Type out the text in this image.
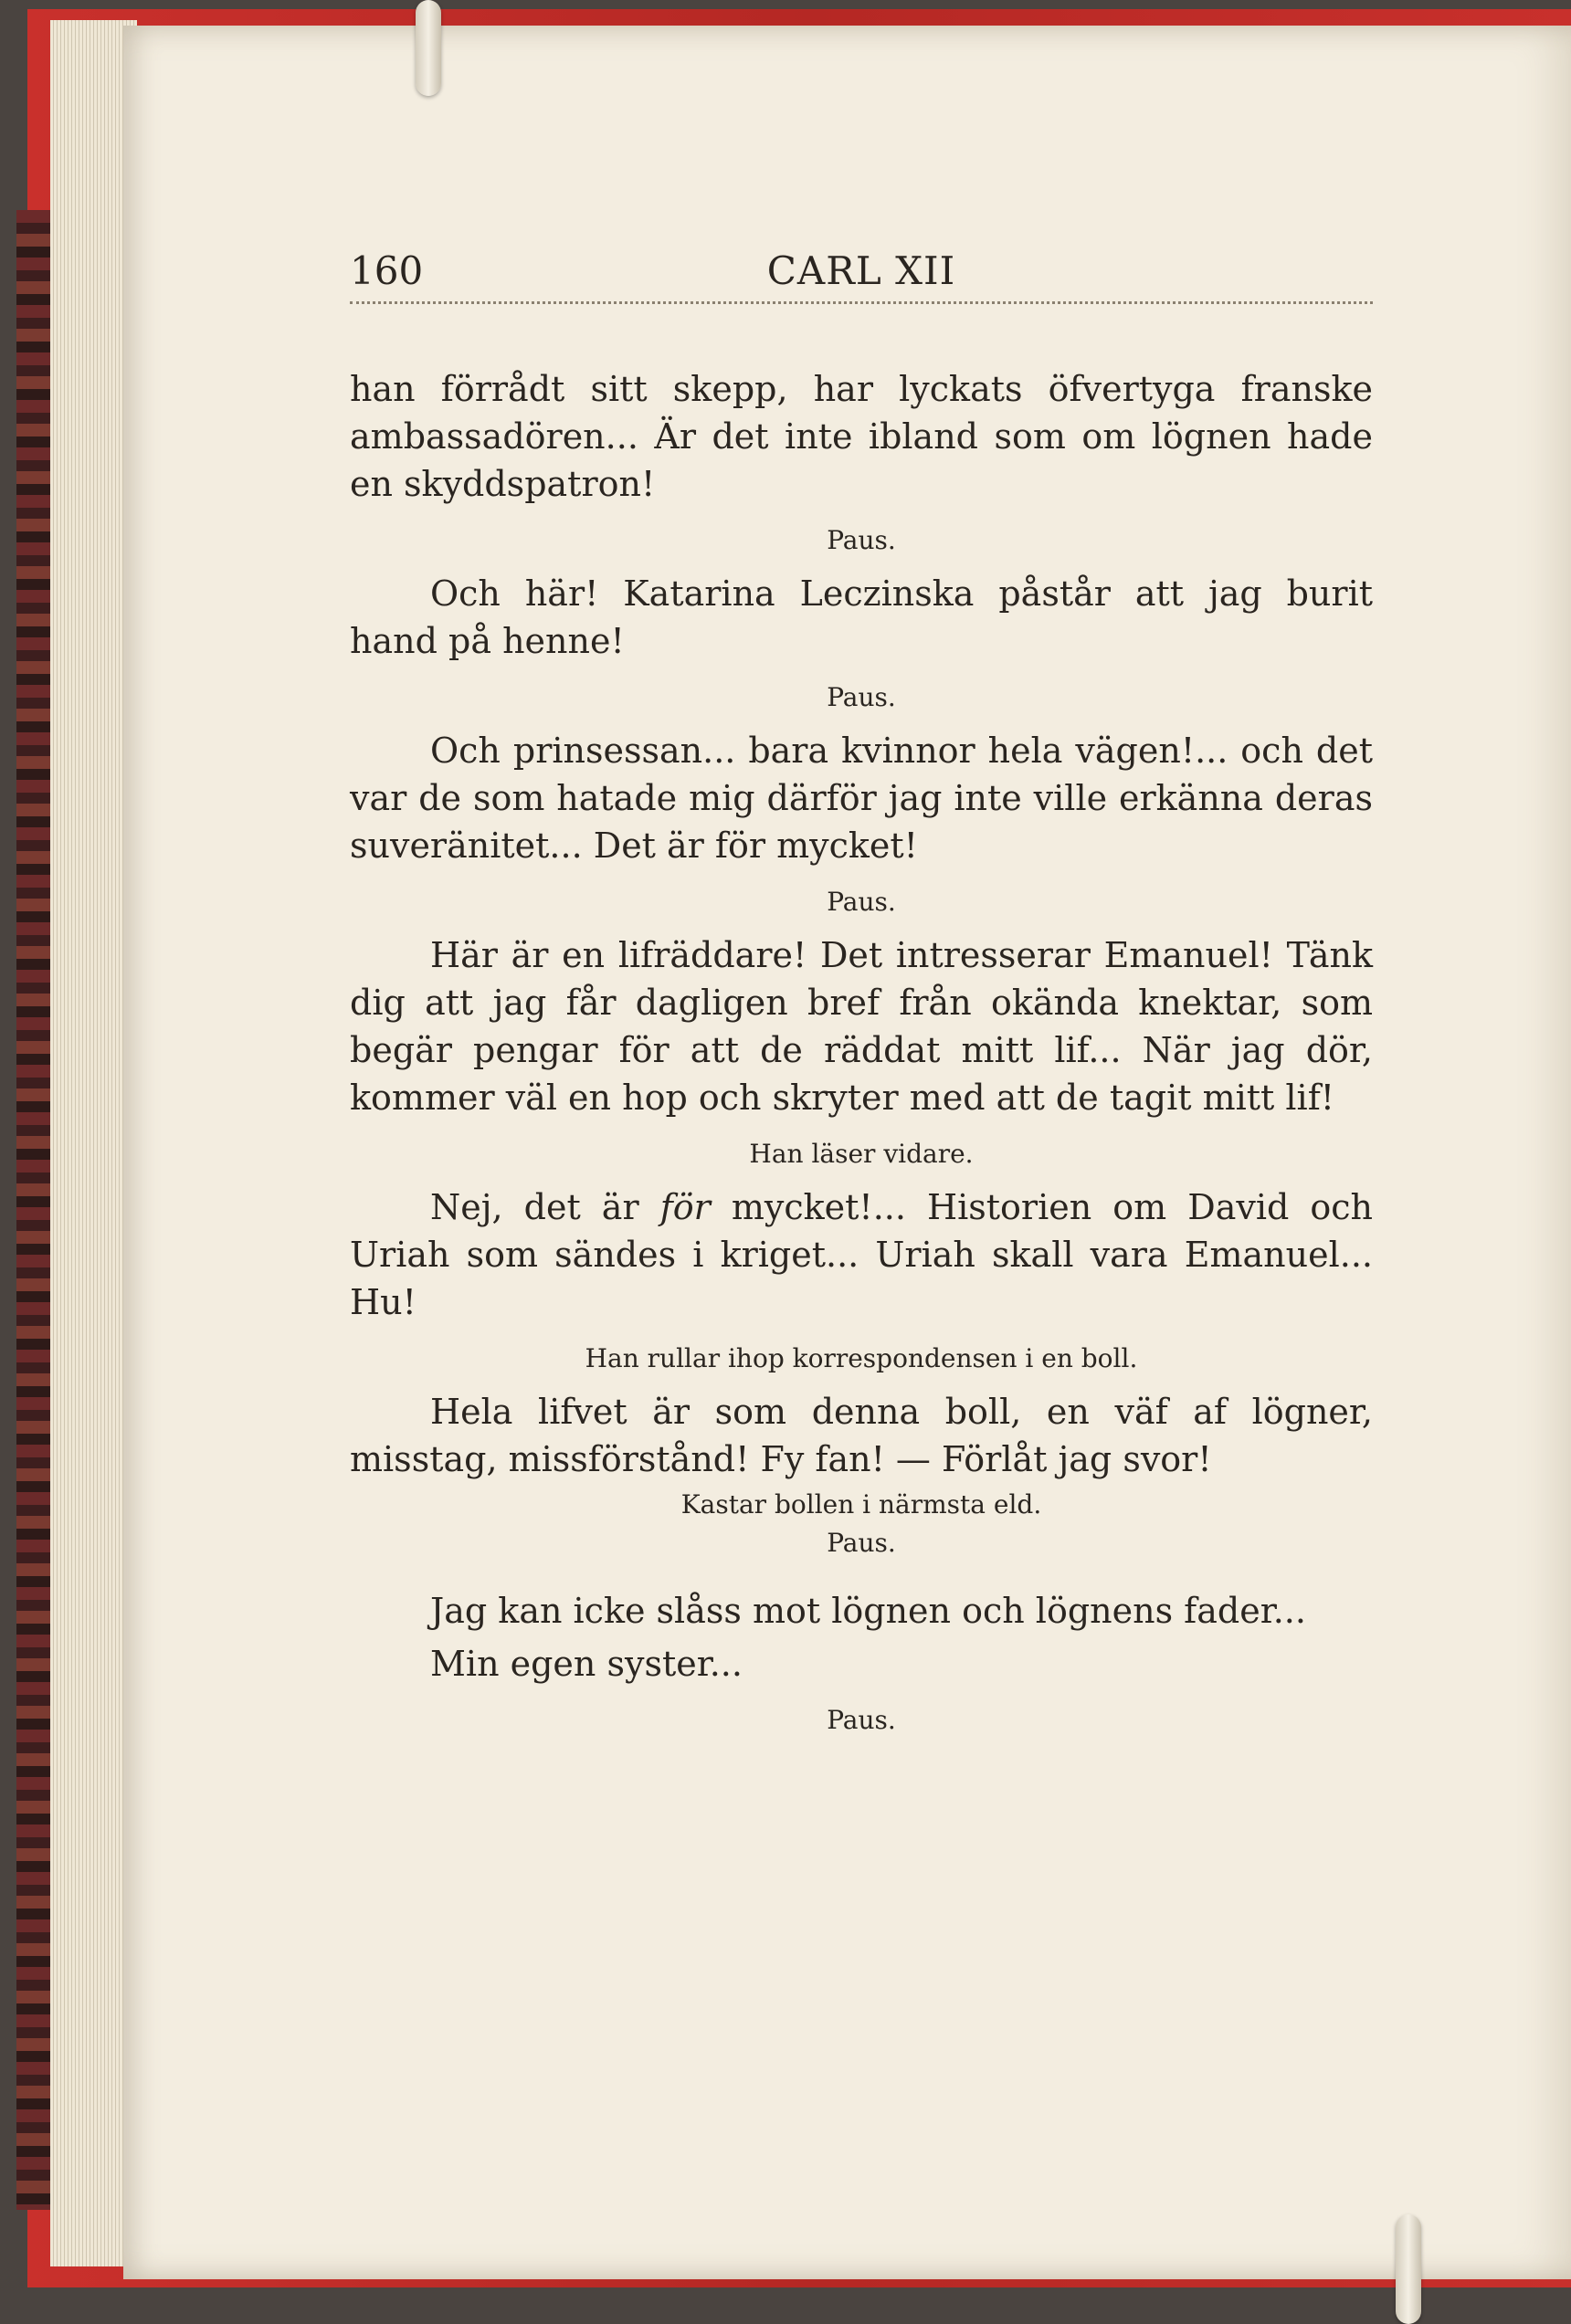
160	CARL XII

han förrådt sitt skepp, har lyckats öfvertyga franske ambassadören... Är det inte ibland som om lögnen hade en skyddspatron!

Paus.

Och här! Katarina Leczinska påstår att jag burit hand på henne!

Paus.

Och prinsessan... bara kvinnor hela vägen!... och det var de som hatade mig därför jag inte ville erkänna deras suveränitet... Det är för mycket!

Paus.

Här är en lifräddare! Det intresserar Emanuel! Tänk dig att jag får dagligen bref från okända knektar, som begär pengar för att de räddat mitt lif... När jag dör, kommer väl en hop och skryter med att de tagit mitt lif!

Han läser vidare.

Nej, det är för mycket!... Historien om David och Uriah som sändes i kriget... Uriah skall vara Emanuel... Hu!

Han rullar ihop korrespondensen i en boll.

Hela lifvet är som denna boll, en väf af lögner, misstag, missförstånd! Fy fan! — Förlåt jag svor!

Kastar bollen i närmsta eld.
Paus.

Jag kan icke slåss mot lögnen och lögnens fader...

Min egen syster...

Paus.
